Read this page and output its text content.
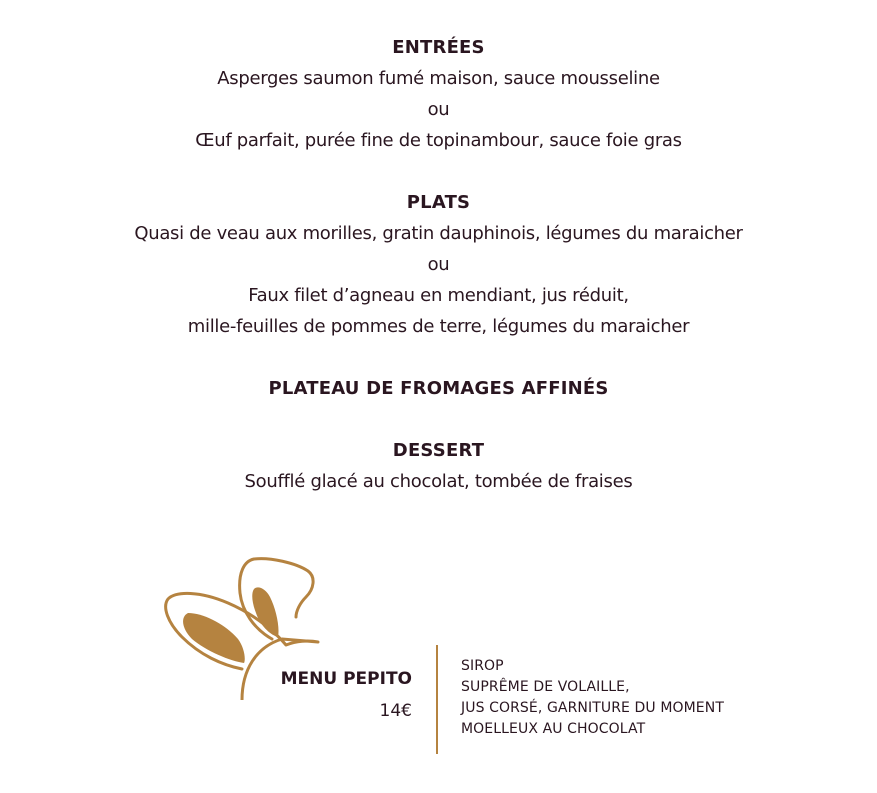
ENTRÉES
Asperges saumon fumé maison, sauce mousseline
ou
Œuf parfait, purée fine de topinambour, sauce foie gras
PLATS
Quasi de veau aux morilles, gratin dauphinois, légumes du maraicher
ou
Faux filet d’agneau en mendiant, jus réduit,
mille-feuilles de pommes de terre, légumes du maraicher
PLATEAU DE FROMAGES AFFINÉS
DESSERT
Soufflé glacé au chocolat, tombée de fraises
MENU PEPITO
14€
SIROP
SUPRÊME DE VOLAILLE,
JUS CORSÉ, GARNITURE DU MOMENT
MOELLEUX AU CHOCOLAT
